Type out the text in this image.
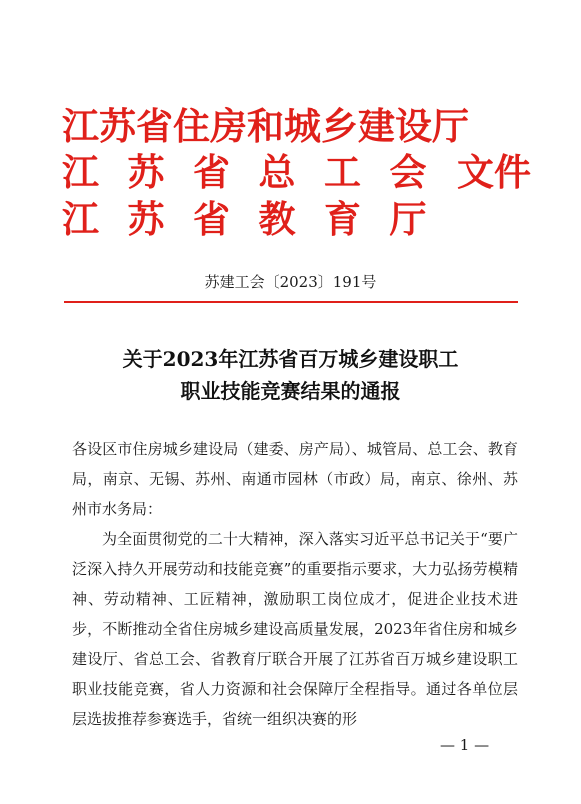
江苏省住房和城乡建设厅
江苏省总工会 文件
江苏省教育厅
苏建工会〔2023〕191号
关于2023年江苏省百万城乡建设职工
职业技能竞赛结果的通报
各设区市住房城乡建设局（建委、房产局）、城管局、总工会、教育局，南京、无锡、苏州、南通市园林（市政）局，南京、徐州、苏州市水务局：
为全面贯彻党的二十大精神，深入落实习近平总书记关于“要广泛深入持久开展劳动和技能竞赛”的重要指示要求，大力弘扬劳模精神、劳动精神、工匠精神，激励职工岗位成才，促进企业技术进步，不断推动全省住房城乡建设高质量发展，2023年省住房和城乡建设厅、省总工会、省教育厅联合开展了江苏省百万城乡建设职工职业技能竞赛，省人力资源和社会保障厅全程指导。通过各单位层层选拔推荐参赛选手，省统一组织决赛的形
— 1 —
